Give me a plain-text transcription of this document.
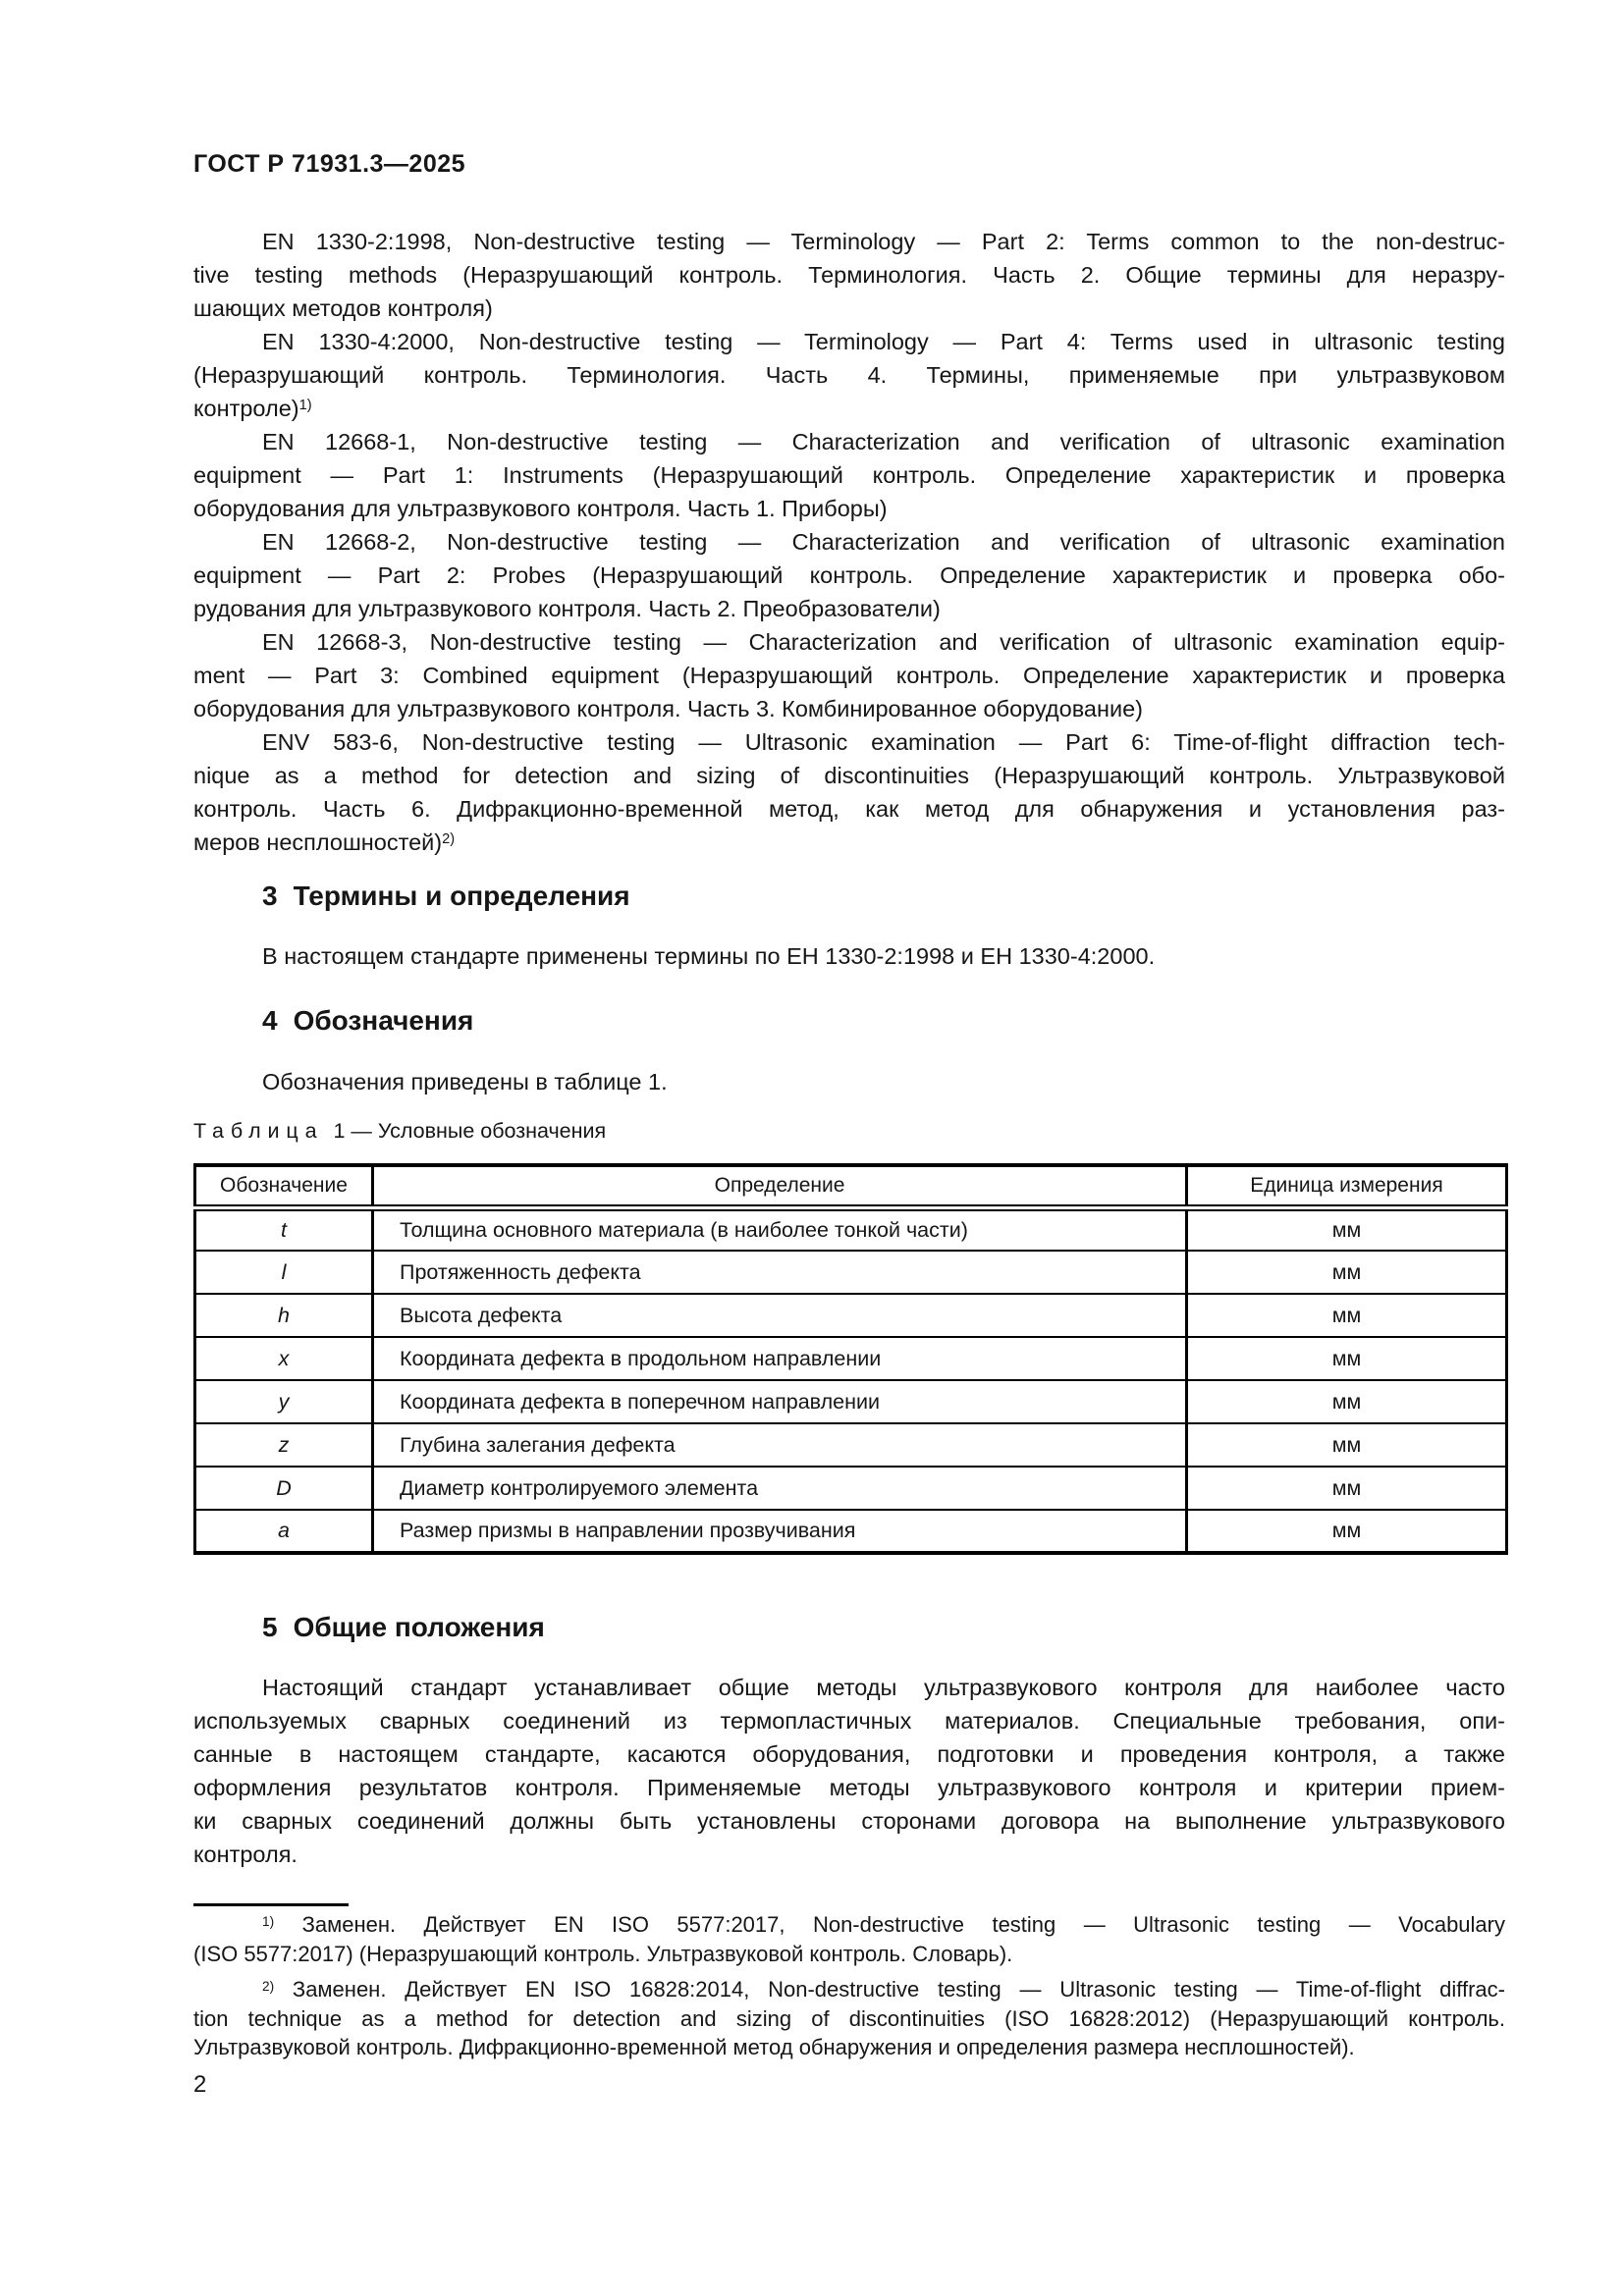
ГОСТ Р 71931.3—2025
EN 1330-2:1998, Non-destructive testing — Terminology — Part 2: Terms common to the non-destruc-
tive testing methods (Неразрушающий контроль. Терминология. Часть 2. Общие термины для неразру-
шающих методов контроля)
EN 1330-4:2000, Non-destructive testing — Terminology — Part 4: Terms used in ultrasonic testing
(Неразрушающий контроль. Терминология. Часть 4. Термины, применяемые при ультразвуковом
контроле)$^{1)}$
EN 12668-1, Non-destructive testing — Characterization and verification of ultrasonic examination
equipment — Part 1: Instruments (Неразрушающий контроль. Определение характеристик и проверка
оборудования для ультразвукового контроля. Часть 1. Приборы)
EN 12668-2, Non-destructive testing — Characterization and verification of ultrasonic examination
equipment — Part 2: Probes (Неразрушающий контроль. Определение характеристик и проверка обо-
рудования для ультразвукового контроля. Часть 2. Преобразователи)
EN 12668-3, Non-destructive testing — Characterization and verification of ultrasonic examination equip-
ment — Part 3: Combined equipment (Неразрушающий контроль. Определение характеристик и проверка
оборудования для ультразвукового контроля. Часть 3. Комбинированное оборудование)
ENV 583-6, Non-destructive testing — Ultrasonic examination — Part 6: Time-of-flight diffraction tech-
nique as a method for detection and sizing of discontinuities (Неразрушающий контроль. Ультразвуковой
контроль. Часть 6. Дифракционно-временной метод, как метод для обнаружения и установления раз-
меров несплошностей)$^{2)}$
3 Термины и определения
В настоящем стандарте применены термины по ЕН 1330-2:1998 и ЕН 1330-4:2000.
4 Обозначения
Обозначения приведены в таблице 1.
Таблица 1 — Условные обозначения
Обозначение	Определение	Единица измерения
t	Толщина основного материала (в наиболее тонкой части)	мм
l	Протяженность дефекта	мм
h	Высота дефекта	мм
x	Координата дефекта в продольном направлении	мм
y	Координата дефекта в поперечном направлении	мм
z	Глубина залегания дефекта	мм
D	Диаметр контролируемого элемента	мм
a	Размер призмы в направлении прозвучивания	мм
5 Общие положения
Настоящий стандарт устанавливает общие методы ультразвукового контроля для наиболее часто
используемых сварных соединений из термопластичных материалов. Специальные требования, опи-
санные в настоящем стандарте, касаются оборудования, подготовки и проведения контроля, а также
оформления результатов контроля. Применяемые методы ультразвукового контроля и критерии прием-
ки сварных соединений должны быть установлены сторонами договора на выполнение ультразвукового
контроля.
$^{1)}$ Заменен. Действует EN ISO 5577:2017, Non-destructive testing — Ultrasonic testing — Vocabulary
(ISO 5577:2017) (Неразрушающий контроль. Ультразвуковой контроль. Словарь).
$^{2)}$ Заменен. Действует EN ISO 16828:2014, Non-destructive testing — Ultrasonic testing — Time-of-flight diffrac-
tion technique as a method for detection and sizing of discontinuities (ISO 16828:2012) (Неразрушающий контроль.
Ультразвуковой контроль. Дифракционно-временной метод обнаружения и определения размера несплошностей).
2
